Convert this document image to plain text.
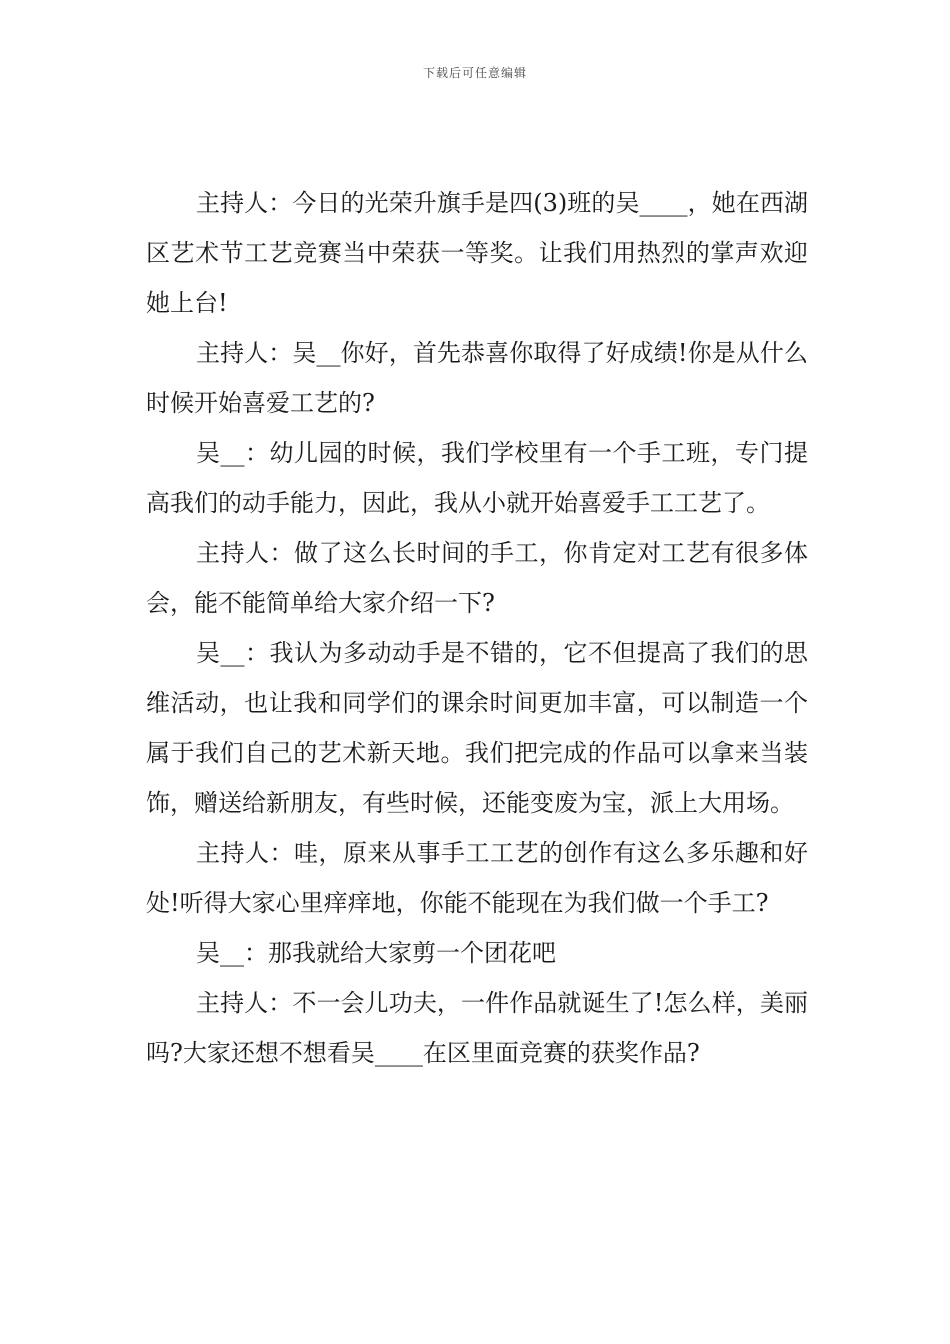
下载后可任意编辑

主持人：今日的光荣升旗手是四(3)班的吴____，她在西湖区艺术节工艺竞赛当中荣获一等奖。让我们用热烈的掌声欢迎她上台!

主持人：吴__你好，首先恭喜你取得了好成绩!你是从什么时候开始喜爱工艺的?

吴__：幼儿园的时候，我们学校里有一个手工班，专门提高我们的动手能力，因此，我从小就开始喜爱手工工艺了。

主持人：做了这么长时间的手工，你肯定对工艺有很多体会，能不能简单给大家介绍一下?

吴__：我认为多动动手是不错的，它不但提高了我们的思维活动，也让我和同学们的课余时间更加丰富，可以制造一个属于我们自己的艺术新天地。我们把完成的作品可以拿来当装饰，赠送给新朋友，有些时候，还能变废为宝，派上大用场。

主持人：哇，原来从事手工工艺的创作有这么多乐趣和好处!听得大家心里痒痒地，你能不能现在为我们做一个手工?

吴__：那我就给大家剪一个团花吧

主持人：不一会儿功夫，一件作品就诞生了!怎么样，美丽吗?大家还想不想看吴____在区里面竞赛的获奖作品?
